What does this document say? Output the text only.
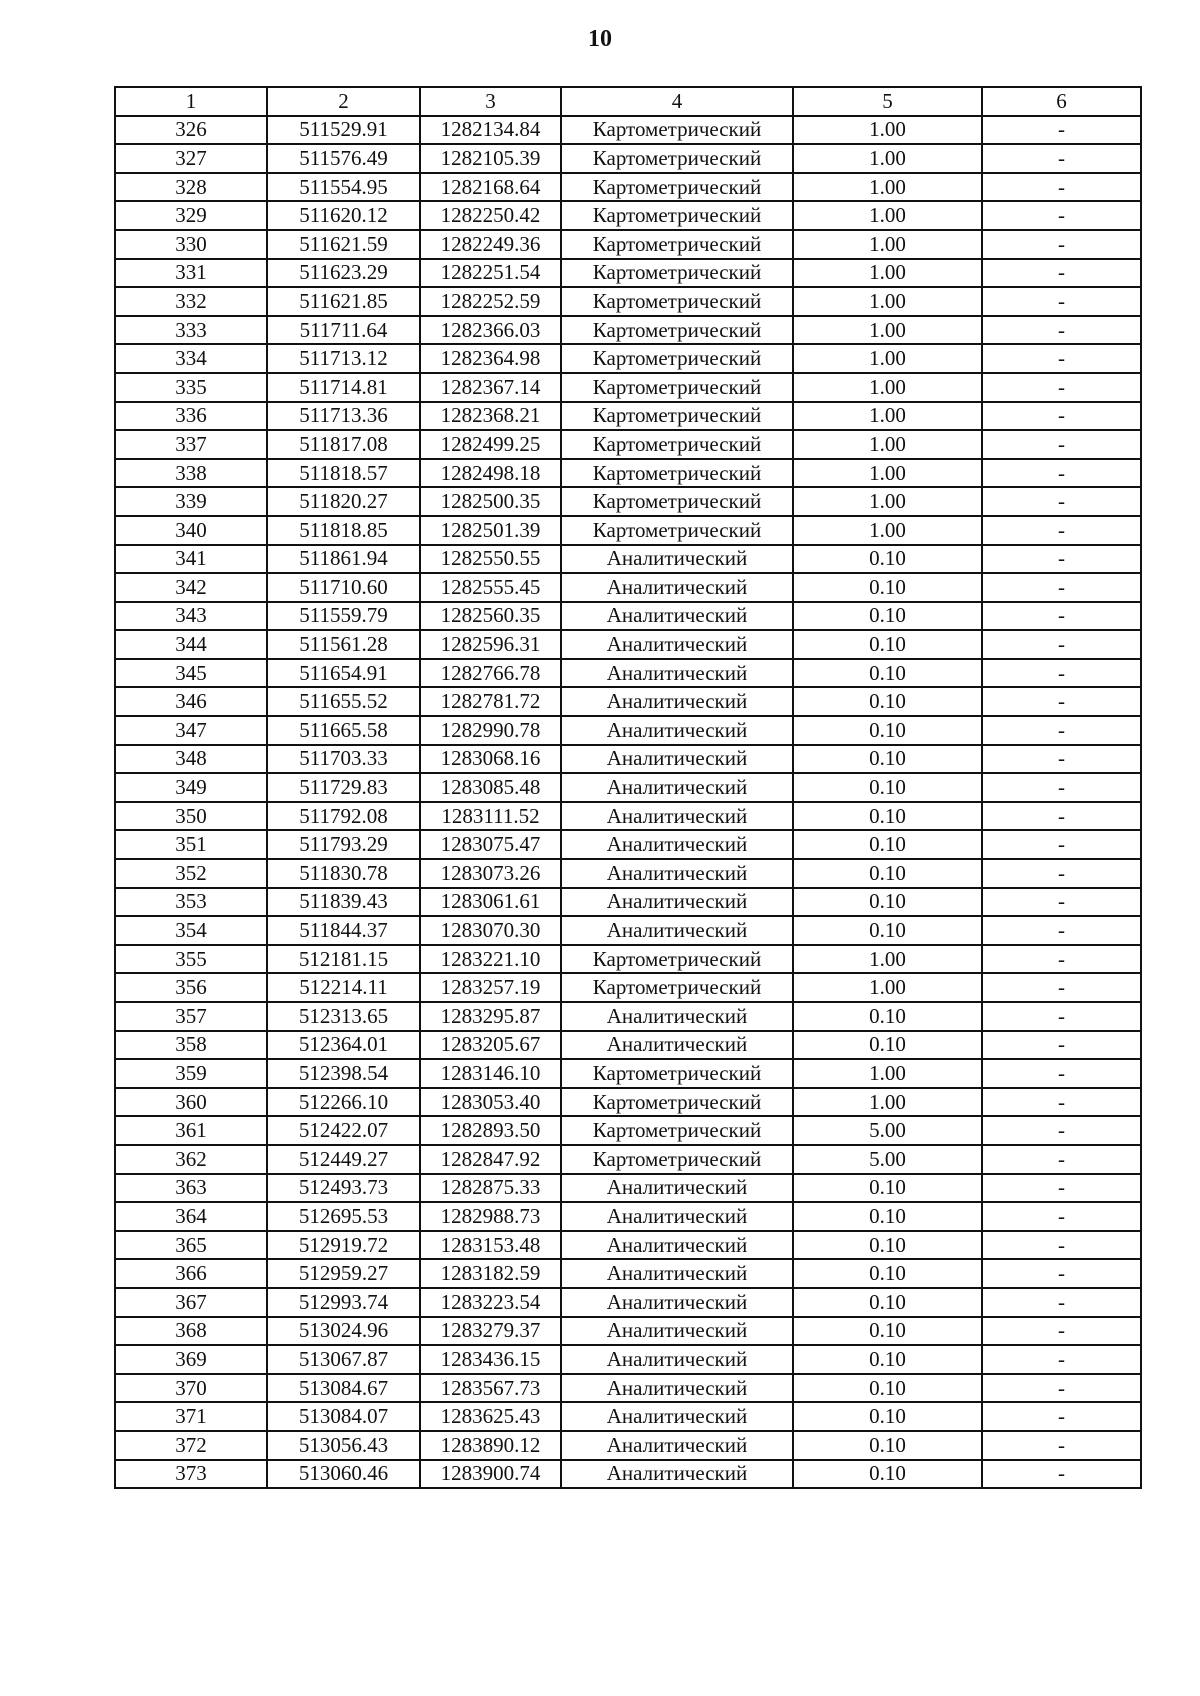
10
1	2	3	4	5	6
326	511529.91	1282134.84	Картометрический	1.00	-
327	511576.49	1282105.39	Картометрический	1.00	-
328	511554.95	1282168.64	Картометрический	1.00	-
329	511620.12	1282250.42	Картометрический	1.00	-
330	511621.59	1282249.36	Картометрический	1.00	-
331	511623.29	1282251.54	Картометрический	1.00	-
332	511621.85	1282252.59	Картометрический	1.00	-
333	511711.64	1282366.03	Картометрический	1.00	-
334	511713.12	1282364.98	Картометрический	1.00	-
335	511714.81	1282367.14	Картометрический	1.00	-
336	511713.36	1282368.21	Картометрический	1.00	-
337	511817.08	1282499.25	Картометрический	1.00	-
338	511818.57	1282498.18	Картометрический	1.00	-
339	511820.27	1282500.35	Картометрический	1.00	-
340	511818.85	1282501.39	Картометрический	1.00	-
341	511861.94	1282550.55	Аналитический	0.10	-
342	511710.60	1282555.45	Аналитический	0.10	-
343	511559.79	1282560.35	Аналитический	0.10	-
344	511561.28	1282596.31	Аналитический	0.10	-
345	511654.91	1282766.78	Аналитический	0.10	-
346	511655.52	1282781.72	Аналитический	0.10	-
347	511665.58	1282990.78	Аналитический	0.10	-
348	511703.33	1283068.16	Аналитический	0.10	-
349	511729.83	1283085.48	Аналитический	0.10	-
350	511792.08	1283111.52	Аналитический	0.10	-
351	511793.29	1283075.47	Аналитический	0.10	-
352	511830.78	1283073.26	Аналитический	0.10	-
353	511839.43	1283061.61	Аналитический	0.10	-
354	511844.37	1283070.30	Аналитический	0.10	-
355	512181.15	1283221.10	Картометрический	1.00	-
356	512214.11	1283257.19	Картометрический	1.00	-
357	512313.65	1283295.87	Аналитический	0.10	-
358	512364.01	1283205.67	Аналитический	0.10	-
359	512398.54	1283146.10	Картометрический	1.00	-
360	512266.10	1283053.40	Картометрический	1.00	-
361	512422.07	1282893.50	Картометрический	5.00	-
362	512449.27	1282847.92	Картометрический	5.00	-
363	512493.73	1282875.33	Аналитический	0.10	-
364	512695.53	1282988.73	Аналитический	0.10	-
365	512919.72	1283153.48	Аналитический	0.10	-
366	512959.27	1283182.59	Аналитический	0.10	-
367	512993.74	1283223.54	Аналитический	0.10	-
368	513024.96	1283279.37	Аналитический	0.10	-
369	513067.87	1283436.15	Аналитический	0.10	-
370	513084.67	1283567.73	Аналитический	0.10	-
371	513084.07	1283625.43	Аналитический	0.10	-
372	513056.43	1283890.12	Аналитический	0.10	-
373	513060.46	1283900.74	Аналитический	0.10	-
